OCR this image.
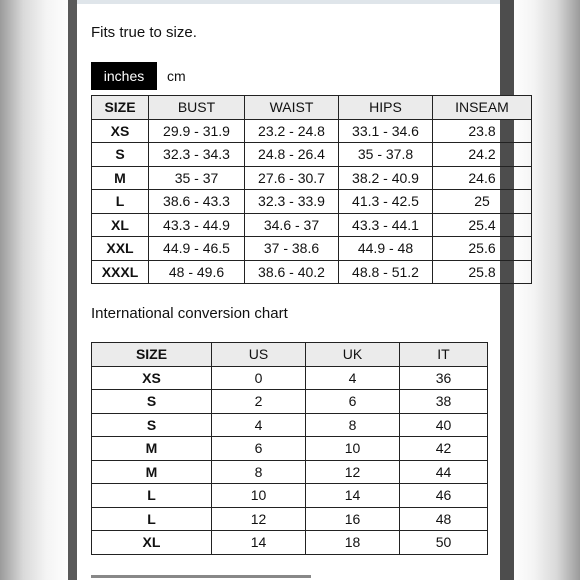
Fits true to size.
inches	cm
SIZE	BUST	WAIST	HIPS	INSEAM
XS	29.9 - 31.9	23.2 - 24.8	33.1 - 34.6	23.8
S	32.3 - 34.3	24.8 - 26.4	35 - 37.8	24.2
M	35 - 37	27.6 - 30.7	38.2 - 40.9	24.6
L	38.6 - 43.3	32.3 - 33.9	41.3 - 42.5	25
XL	43.3 - 44.9	34.6 - 37	43.3 - 44.1	25.4
XXL	44.9 - 46.5	37 - 38.6	44.9 - 48	25.6
XXXL	48 - 49.6	38.6 - 40.2	48.8 - 51.2	25.8
International conversion chart
SIZE	US	UK	IT
XS	0	4	36
S	2	6	38
S	4	8	40
M	6	10	42
M	8	12	44
L	10	14	46
L	12	16	48
XL	14	18	50
